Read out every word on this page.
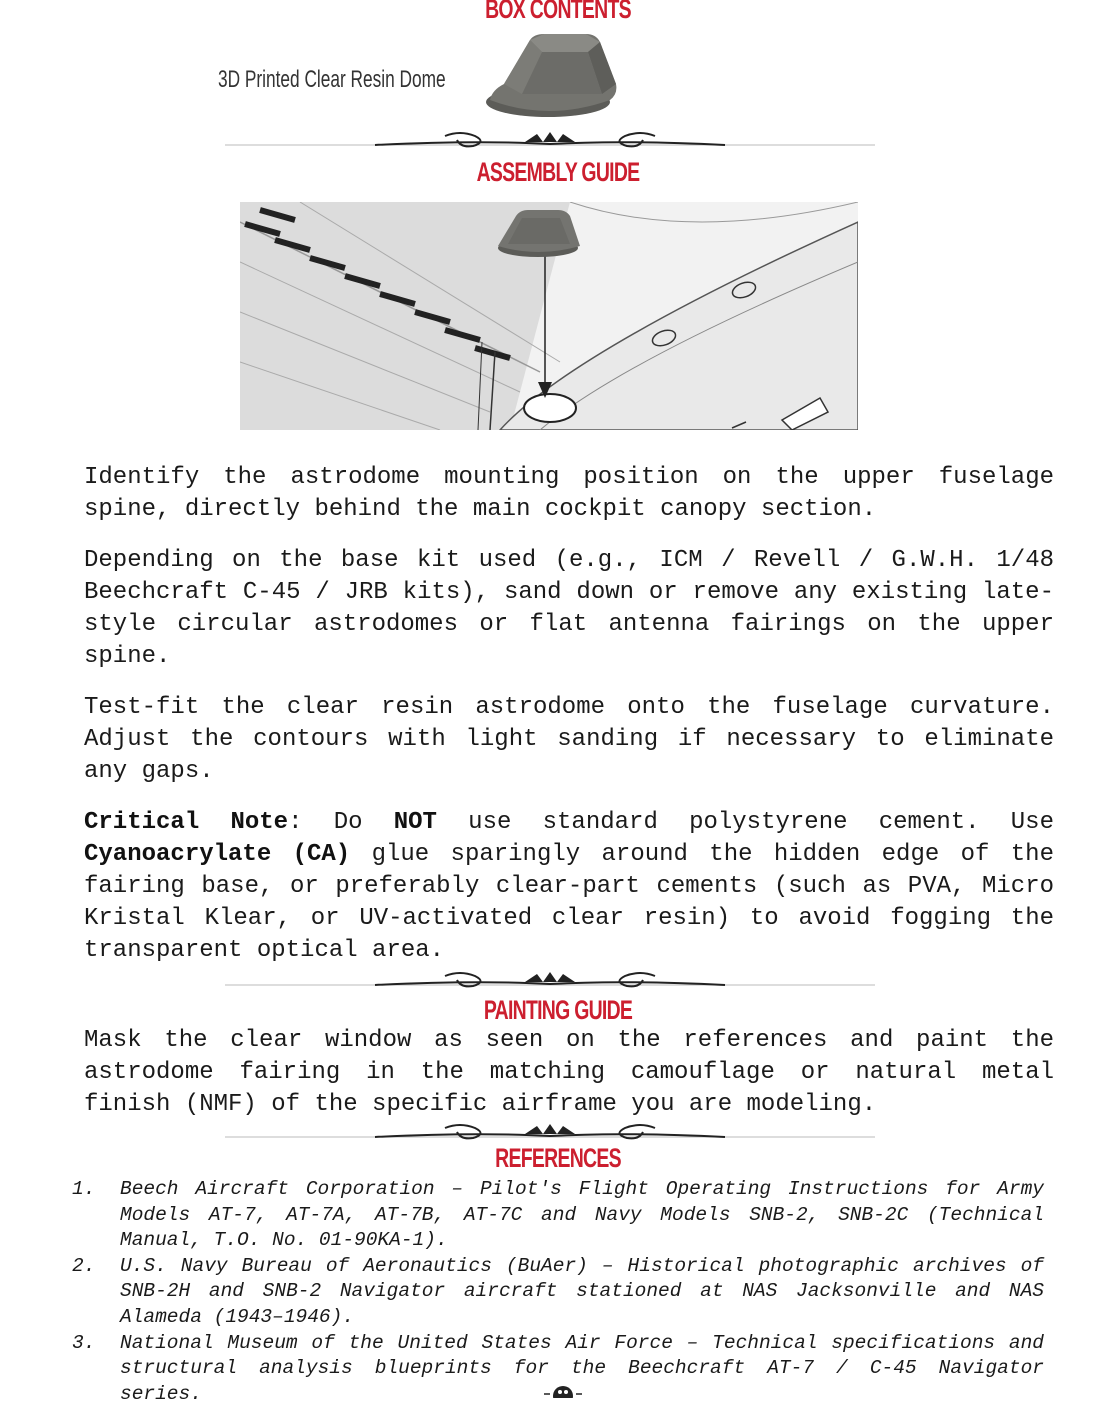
BOX CONTENTS
3D Printed Clear Resin Dome
ASSEMBLY GUIDE

Identify the astrodome mounting position on the upper fuselage spine, directly behind the main cockpit canopy section.

Depending on the base kit used (e.g., ICM / Revell / G.W.H. 1/48 Beechcraft C-45 / JRB kits), sand down or remove any existing late-style circular astrodomes or flat antenna fairings on the upper spine.

Test-fit the clear resin astrodome onto the fuselage curvature. Adjust the contours with light sanding if necessary to eliminate any gaps.

Critical Note: Do NOT use standard polystyrene cement. Use Cyanoacrylate (CA) glue sparingly around the hidden edge of the fairing base, or preferably clear-part cements (such as PVA, Micro Kristal Klear, or UV-activated clear resin) to avoid fogging the transparent optical area.

PAINTING GUIDE

Mask the clear window as seen on the references and paint the astrodome fairing in the matching camouflage or natural metal finish (NMF) of the specific airframe you are modeling.

REFERENCES
1. Beech Aircraft Corporation – Pilot's Flight Operating Instructions for Army Models AT-7, AT-7A, AT-7B, AT-7C and Navy Models SNB-2, SNB-2C (Technical Manual, T.O. No. 01-90KA-1).
2. U.S. Navy Bureau of Aeronautics (BuAer) – Historical photographic archives of SNB-2H and SNB-2 Navigator aircraft stationed at NAS Jacksonville and NAS Alameda (1943–1946).
3. National Museum of the United States Air Force – Technical specifications and structural analysis blueprints for the Beechcraft AT-7 / C-45 Navigator series.
